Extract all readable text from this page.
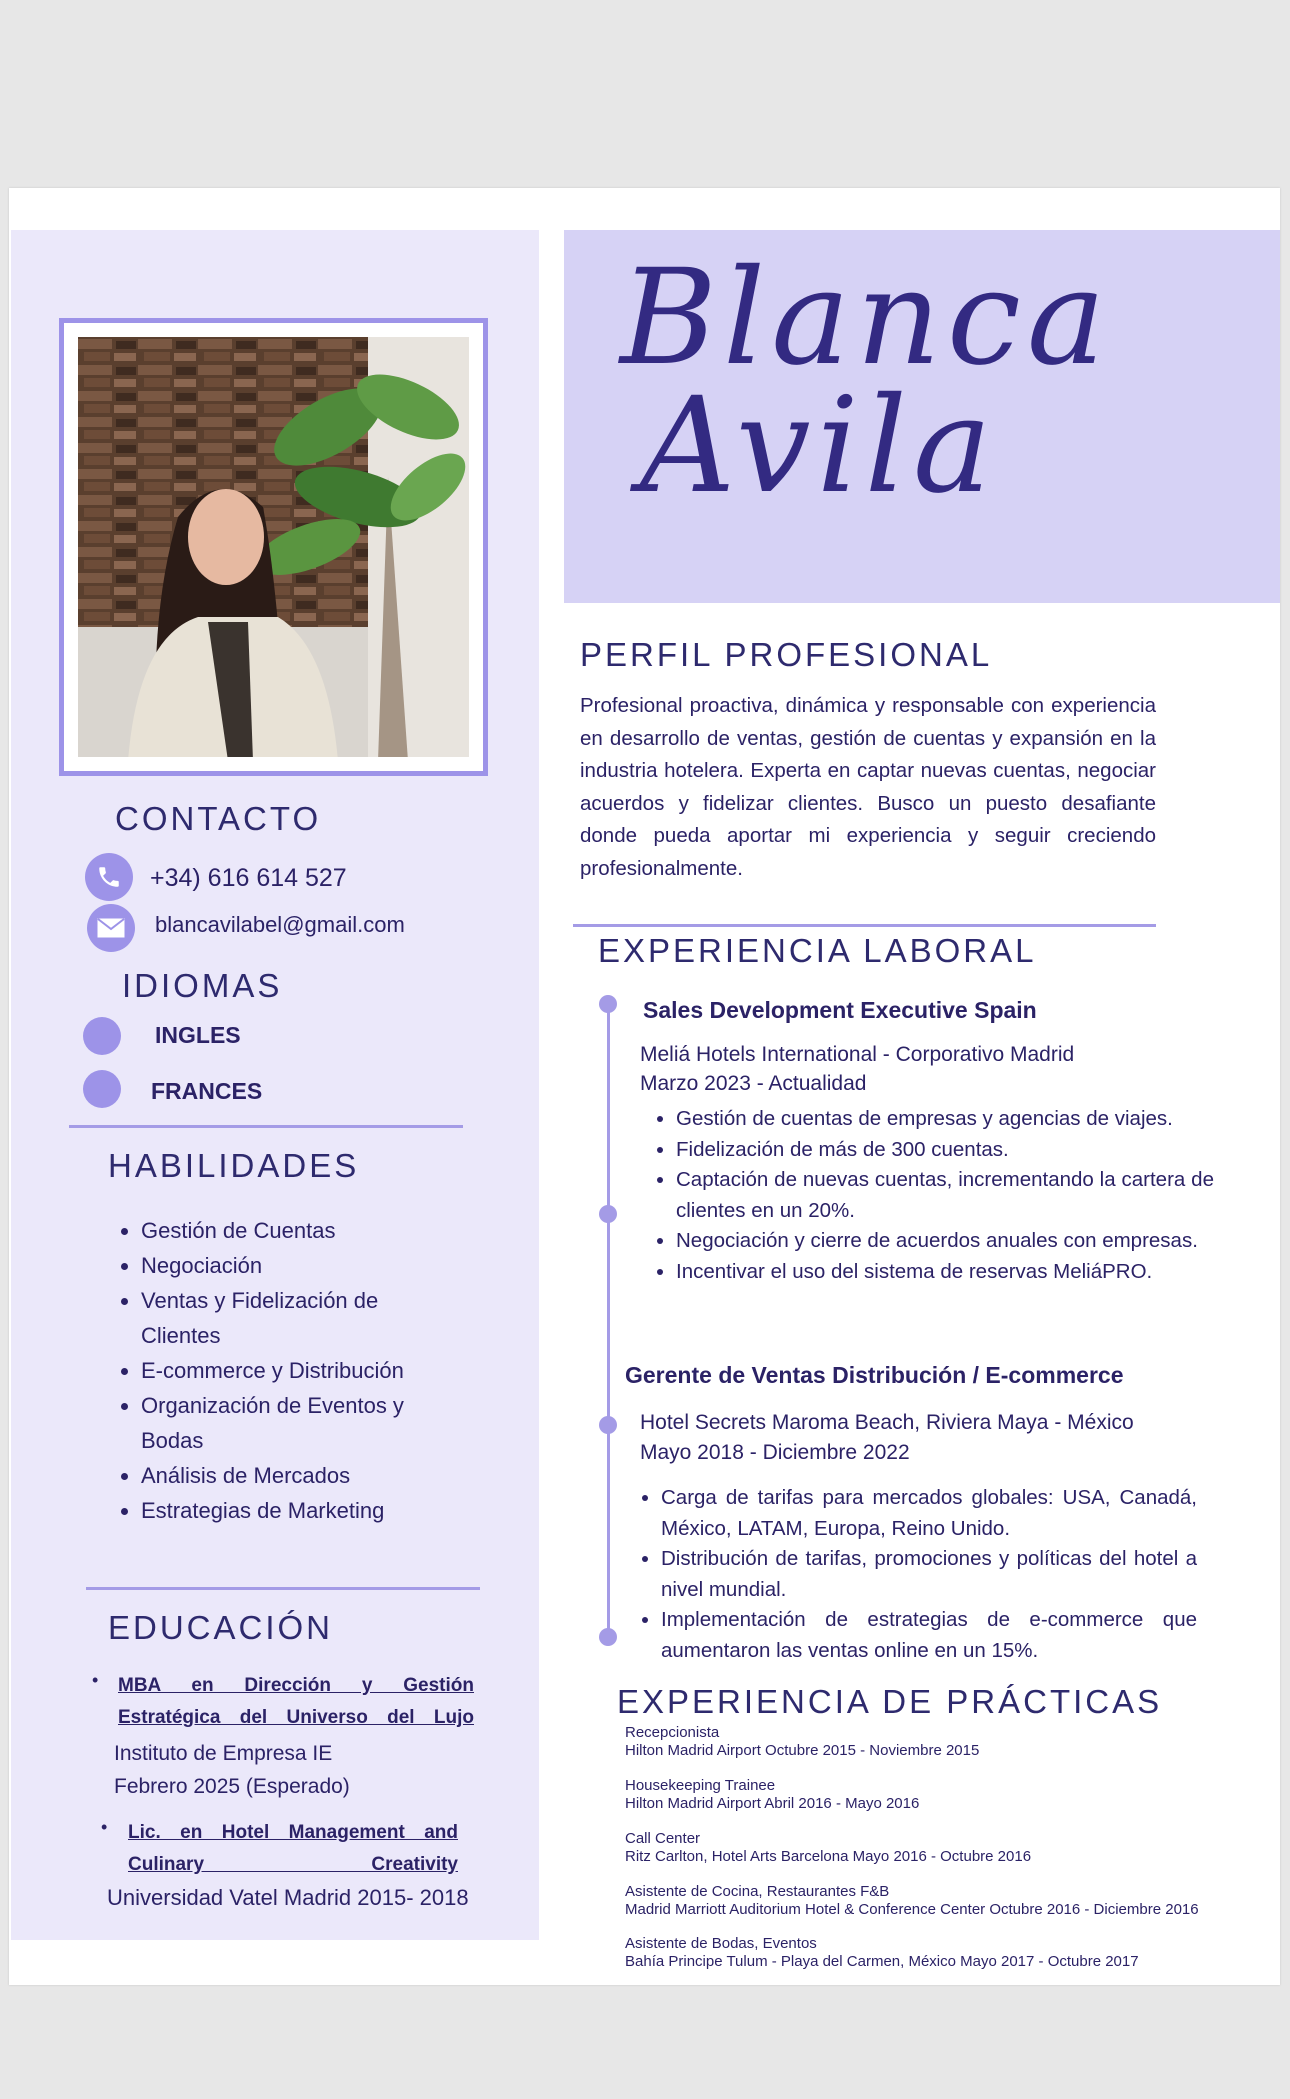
Blanca
Avila
CONTACTO
+34) 616 614 527
blancavilabel@gmail.com
IDIOMAS
INGLES
FRANCES
HABILIDADES
• Gestión de Cuentas
• Negociación
• Ventas y Fidelización de Clientes
• E-commerce y Distribución
• Organización de Eventos y Bodas
• Análisis de Mercados
• Estrategias de Marketing
EDUCACIÓN
• MBA en Dirección y Gestión Estratégica del Universo del Lujo
Instituto de Empresa IE
Febrero 2025 (Esperado)
• Lic. en Hotel Management and Culinary Creativity
Universidad Vatel Madrid 2015- 2018
PERFIL PROFESIONAL

Profesional proactiva, dinámica y responsable con experiencia en desarrollo de ventas, gestión de cuentas y expansión en la industria hotelera. Experta en captar nuevas cuentas, negociar acuerdos y fidelizar clientes. Busco un puesto desafiante donde pueda aportar mi experiencia y seguir creciendo profesionalmente.

EXPERIENCIA LABORAL
Sales Development Executive Spain
Meliá Hotels International - Corporativo Madrid
Marzo 2023 - Actualidad
• Gestión de cuentas de empresas y agencias de viajes.
• Fidelización de más de 300 cuentas.
• Captación de nuevas cuentas, incrementando la cartera de clientes en un 20%.
• Negociación y cierre de acuerdos anuales con empresas.
• Incentivar el uso del sistema de reservas MeliáPRO.
Gerente de Ventas Distribución / E-commerce
Hotel Secrets Maroma Beach, Riviera Maya - México
Mayo 2018 - Diciembre 2022
• Carga de tarifas para mercados globales: USA, Canadá, México, LATAM, Europa, Reino Unido.
• Distribución de tarifas, promociones y políticas del hotel a nivel mundial.
• Implementación de estrategias de e-commerce que aumentaron las ventas online en un 15%.
EXPERIENCIA DE PRÁCTICAS
Recepcionista
Hilton Madrid Airport Octubre 2015 - Noviembre 2015
Housekeeping Trainee
Hilton Madrid Airport Abril 2016 - Mayo 2016
Call Center
Ritz Carlton, Hotel Arts Barcelona Mayo 2016 - Octubre 2016
Asistente de Cocina, Restaurantes F&B
Madrid Marriott Auditorium Hotel & Conference Center Octubre 2016 - Diciembre 2016
Asistente de Bodas, Eventos
Bahía Principe Tulum - Playa del Carmen, México Mayo 2017 - Octubre 2017
